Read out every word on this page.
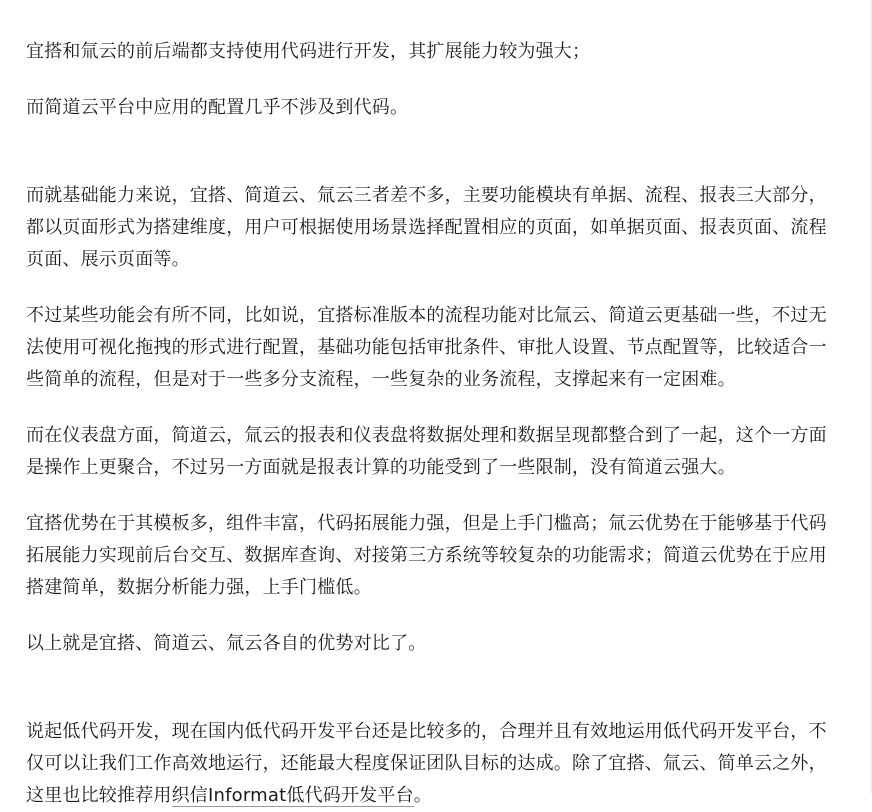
宜搭和氚云的前后端都支持使用代码进行开发，其扩展能力较为强大；

而简道云平台中应用的配置几乎不涉及到代码。

而就基础能力来说，宜搭、简道云、氚云三者差不多，主要功能模块有单据、流程、报表三大部分，都以页面形式为搭建维度，用户可根据使用场景选择配置相应的页面，如单据页面、报表页面、流程页面、展示页面等。

不过某些功能会有所不同，比如说，宜搭标准版本的流程功能对比氚云、简道云更基础一些，不过无法使用可视化拖拽的形式进行配置，基础功能包括审批条件、审批人设置、节点配置等，比较适合一些简单的流程，但是对于一些多分支流程，一些复杂的业务流程，支撑起来有一定困难。

而在仪表盘方面，简道云，氚云的报表和仪表盘将数据处理和数据呈现都整合到了一起，这个一方面是操作上更聚合，不过另一方面就是报表计算的功能受到了一些限制，没有简道云强大。

宜搭优势在于其模板多，组件丰富，代码拓展能力强，但是上手门槛高；氚云优势在于能够基于代码拓展能力实现前后台交互、数据库查询、对接第三方系统等较复杂的功能需求；简道云优势在于应用搭建简单，数据分析能力强，上手门槛低。

以上就是宜搭、简道云、氚云各自的优势对比了。

说起低代码开发，现在国内低代码开发平台还是比较多的，合理并且有效地运用低代码开发平台，不仅可以让我们工作高效地运行，还能最大程度保证团队目标的达成。除了宜搭、氚云、简单云之外，这里也比较推荐用织信Informat低代码开发平台。
